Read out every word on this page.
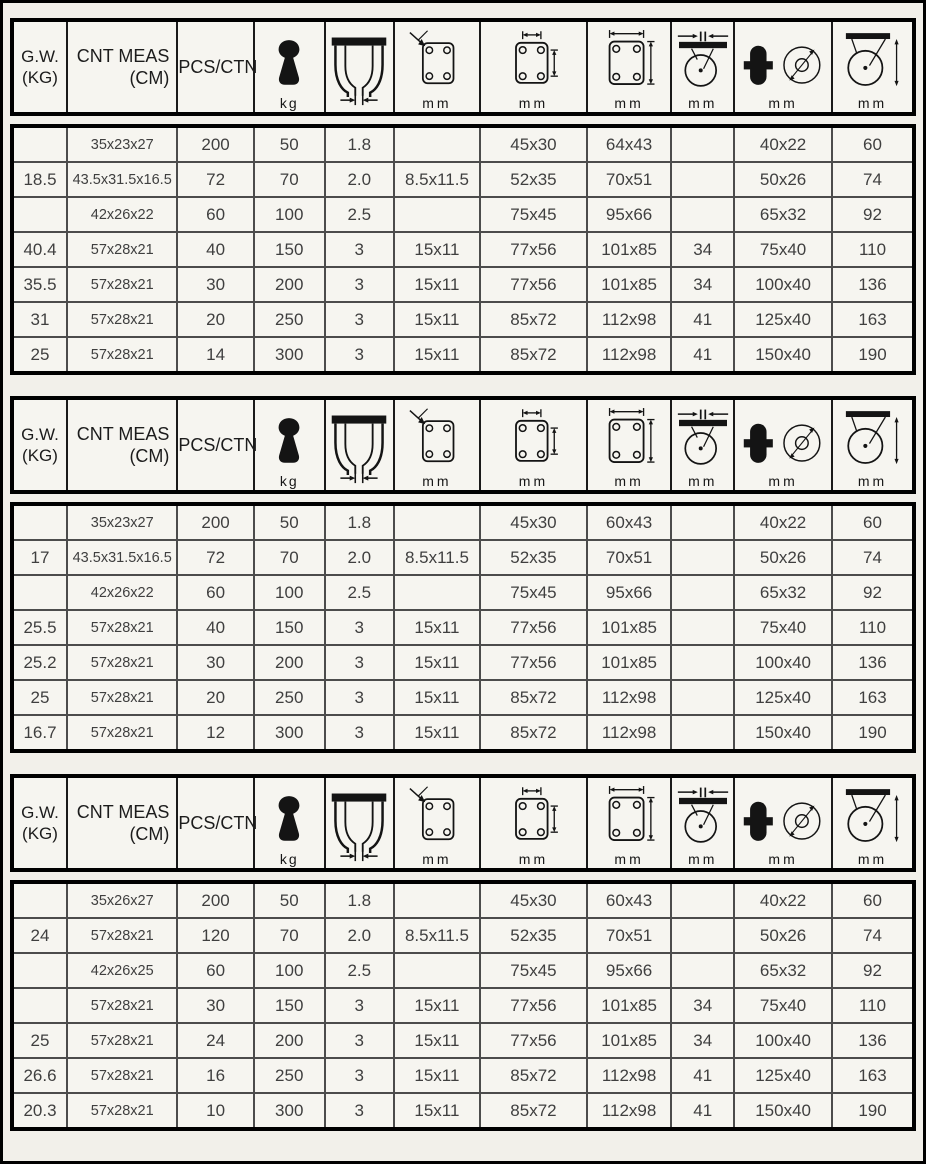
G.W.
(KG)

CNT MEAS
(CM)

PCS/CTN

kg		mm	mm	mm	mm	mm	mm
	35x23x27	200	50	1.8		45x30	64x43		40x22	60
18.5	43.5x31.5x16.5	72	70	2.0	8.5x11.5	52x35	70x51		50x26	74
	42x26x22	60	100	2.5		75x45	95x66		65x32	92
40.4	57x28x21	40	150	3	15x11	77x56	101x85	34	75x40	110
35.5	57x28x21	30	200	3	15x11	77x56	101x85	34	100x40	136
31	57x28x21	20	250	3	15x11	85x72	112x98	41	125x40	163
25	57x28x21	14	300	3	15x11	85x72	112x98	41	150x40	190
G.W.
(KG)

CNT MEAS
(CM)

PCS/CTN

kg		mm	mm	mm	mm	mm	mm
	35x23x27	200	50	1.8		45x30	60x43		40x22	60
17	43.5x31.5x16.5	72	70	2.0	8.5x11.5	52x35	70x51		50x26	74
	42x26x22	60	100	2.5		75x45	95x66		65x32	92
25.5	57x28x21	40	150	3	15x11	77x56	101x85		75x40	110
25.2	57x28x21	30	200	3	15x11	77x56	101x85		100x40	136
25	57x28x21	20	250	3	15x11	85x72	112x98		125x40	163
16.7	57x28x21	12	300	3	15x11	85x72	112x98		150x40	190
G.W.
(KG)

CNT MEAS
(CM)

PCS/CTN

kg		mm	mm	mm	mm	mm	mm
	35x26x27	200	50	1.8		45x30	60x43		40x22	60
24	57x28x21	120	70	2.0	8.5x11.5	52x35	70x51		50x26	74
	42x26x25	60	100	2.5		75x45	95x66		65x32	92
	57x28x21	30	150	3	15x11	77x56	101x85	34	75x40	110
25	57x28x21	24	200	3	15x11	77x56	101x85	34	100x40	136
26.6	57x28x21	16	250	3	15x11	85x72	112x98	41	125x40	163
20.3	57x28x21	10	300	3	15x11	85x72	112x98	41	150x40	190
